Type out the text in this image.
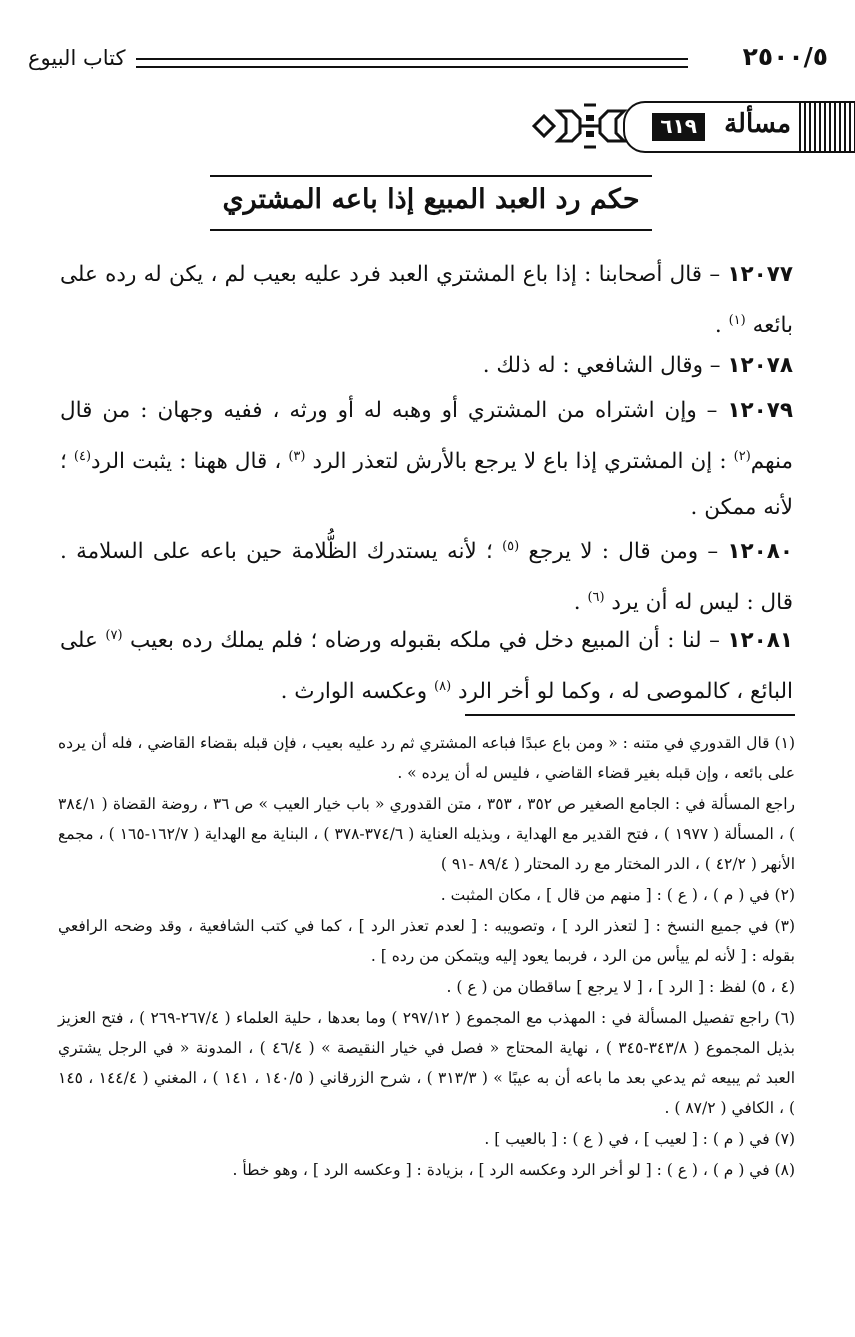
٢٥٠٠/٥
كتاب البيوع
مسألة
٦١٩
حكم رد العبد المبيع إذا باعه المشتري
١٢٠٧٧ – قال أصحابنا : إذا باع المشتري العبد فرد عليه بعيب لم ، يكن له رده على بائعه $^{(١)}$ .
١٢٠٧٨ – وقال الشافعي : له ذلك .
١٢٠٧٩ – وإن اشتراه من المشتري أو وهبه له أو ورثه ، ففيه وجهان : من قال منهم$^{(٢)}$ : إن المشتري إذا باع لا يرجع بالأرش لتعذر الرد $^{(٣)}$ ، قال ههنا : يثبت الرد$^{(٤)}$ ؛ لأنه ممكن .
١٢٠٨٠ – ومن قال : لا يرجع $^{(٥)}$ ؛ لأنه يستدرك الظُّلامة حين باعه على السلامة . قال : ليس له أن يرد $^{(٦)}$ .
١٢٠٨١ – لنا : أن المبيع دخل في ملكه بقبوله ورضاه ؛ فلم يملك رده بعيب $^{(٧)}$ على البائع ، كالموصى له ، وكما لو أخر الرد $^{(٨)}$ وعكسه الوارث .
(١) قال القدوري في متنه : « ومن باع عبدًا فباعه المشتري ثم رد عليه بعيب ، فإن قبله بقضاء القاضي ، فله أن يرده على بائعه ، وإن قبله بغير قضاء القاضي ، فليس له أن يرده » .
راجع المسألة في : الجامع الصغير ص ٣٥٢ ، ٣٥٣ ، متن القدوري « باب خيار العيب » ص ٣٦ ، روضة القضاة ( ٣٨٤/١ ) ، المسألة ( ١٩٧٧ ) ، فتح القدير مع الهداية ، وبذيله العناية ( ٣٧٤/٦-٣٧٨ ) ، البناية مع الهداية ( ١٦٢/٧-١٦٥ ) ، مجمع الأنهر ( ٤٢/٢ ) ، الدر المختار مع رد المحتار ( ٨٩/٤ -٩١ )
(٢) في ( م ) ، ( ع ) : [ منهم من قال ] ، مكان المثبت .
(٣) في جميع النسخ : [ لتعذر الرد ] ، وتصويبه : [ لعدم تعذر الرد ] ، كما في كتب الشافعية ، وقد وضحه الرافعي بقوله : [ لأنه لم ييأس من الرد ، فربما يعود إليه ويتمكن من رده ] .
(٤ ، ٥) لفظ : [ الرد ] ، [ لا يرجع ] ساقطان من ( ع ) .
(٦) راجع تفصيل المسألة في : المهذب مع المجموع ( ٢٩٧/١٢ ) وما بعدها ، حلية العلماء ( ٢٦٧/٤-٢٦٩ ) ، فتح العزيز بذيل المجموع ( ٣٤٣/٨-٣٤٥ ) ، نهاية المحتاج « فصل في خيار النقيصة » ( ٤٦/٤ ) ، المدونة « في الرجل يشتري العبد ثم يبيعه ثم يدعي بعد ما باعه أن به عيبًا » ( ٣١٣/٣ ) ، شرح الزرقاني ( ١٤٠/٥ ، ١٤١ ) ، المغني ( ١٤٤/٤ ، ١٤٥ ) ، الكافي ( ٨٧/٢ ) .
(٧) في ( م ) : [ لعيب ] ، في ( ع ) : [ بالعيب ] .
(٨) في ( م ) ، ( ع ) : [ لو أخر الرد وعكسه الرد ] ، بزيادة : [ وعكسه الرد ] ، وهو خطأ .
